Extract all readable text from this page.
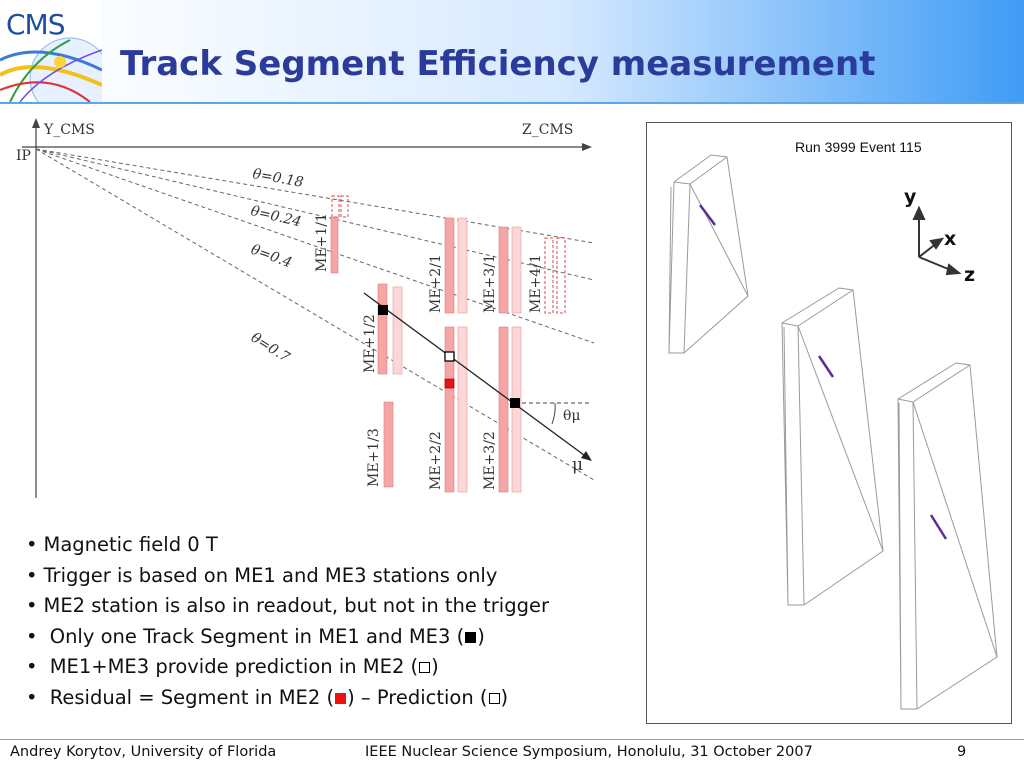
CMS
Track Segment Efficiency measurement
Y_CMS	Z_CMS
IP
θ=0.18
θ=0.24
θ=0.4
θ=0.7
ME+1/1
ME+2/1	ME+3/1 ME+4/1
ME+1/2
ME+1/3	ME+2/2	ME+3/2
θμ
μ
Run 3999 Event 115
y
x
z
• Magnetic field 0 T
• Trigger is based on ME1 and ME3 stations only
• ME2 station is also in readout, but not in the trigger
• Only one Track Segment in ME1 and ME3 ( )
• ME1+ME3 provide prediction in ME2 ( )
• Residual = Segment in ME2 ( ) – Prediction ( )
Andrey Korytov, University of Florida	IEEE Nuclear Science Symposium, Honolulu, 31 October 2007	9
